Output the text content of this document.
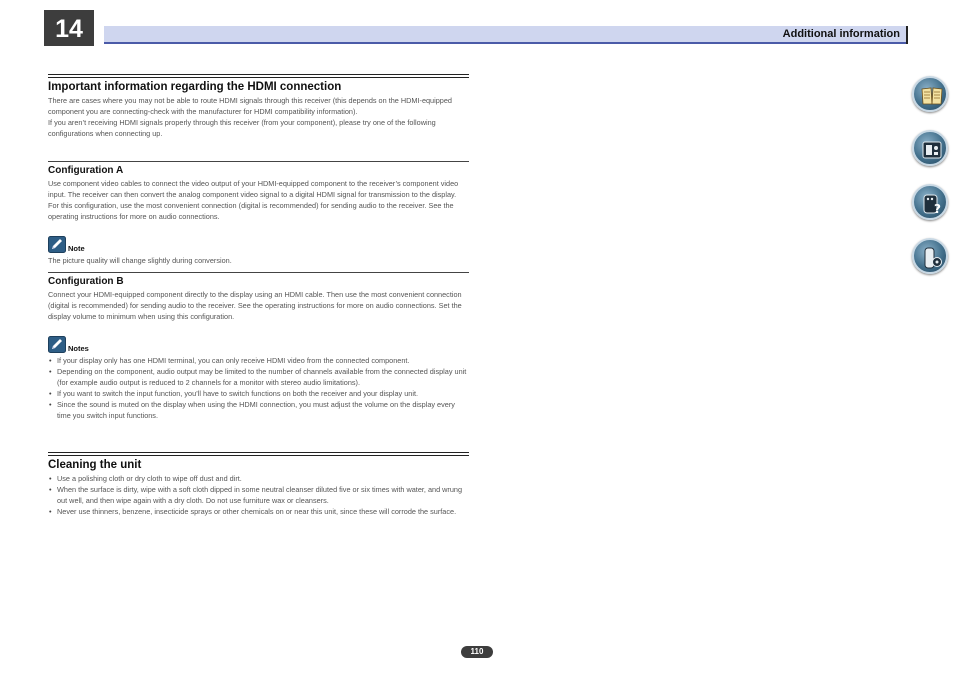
14	Additional information
Important information regarding the HDMI connection

There are cases where you may not be able to route HDMI signals through this receiver (this depends on the HDMI-equipped component you are connecting-check with the manufacturer for HDMI compatibility information).

If you aren’t receiving HDMI signals properly through this receiver (from your component), please try one of the following configurations when connecting up.

Configuration A

Use component video cables to connect the video output of your HDMI-equipped component to the receiver’s component video input. The receiver can then convert the analog component video signal to a digital HDMI signal for transmission to the display. For this configuration, use the most convenient connection (digital is recommended) for sending audio to the receiver. See the operating instructions for more on audio connections.

Note

The picture quality will change slightly during conversion.

Configuration B

Connect your HDMI-equipped component directly to the display using an HDMI cable. Then use the most convenient connection (digital is recommended) for sending audio to the receiver. See the operating instructions for more on audio connections. Set the display volume to minimum when using this configuration.

Notes
• If your display only has one HDMI terminal, you can only receive HDMI video from the connected component.
• Depending on the component, audio output may be limited to the number of channels available from the connected display unit (for example audio output is reduced to 2 channels for a monitor with stereo audio limitations).
• If you want to switch the input function, you’ll have to switch functions on both the receiver and your display unit.
• Since the sound is muted on the display when using the HDMI connection, you must adjust the volume on the display every time you switch input functions.
Cleaning the unit
• Use a polishing cloth or dry cloth to wipe off dust and dirt.
• When the surface is dirty, wipe with a soft cloth dipped in some neutral cleanser diluted five or six times with water, and wrung out well, and then wipe again with a dry cloth. Do not use furniture wax or cleansers.
• Never use thinners, benzene, insecticide sprays or other chemicals on or near this unit, since these will corrode the surface.
?
110
